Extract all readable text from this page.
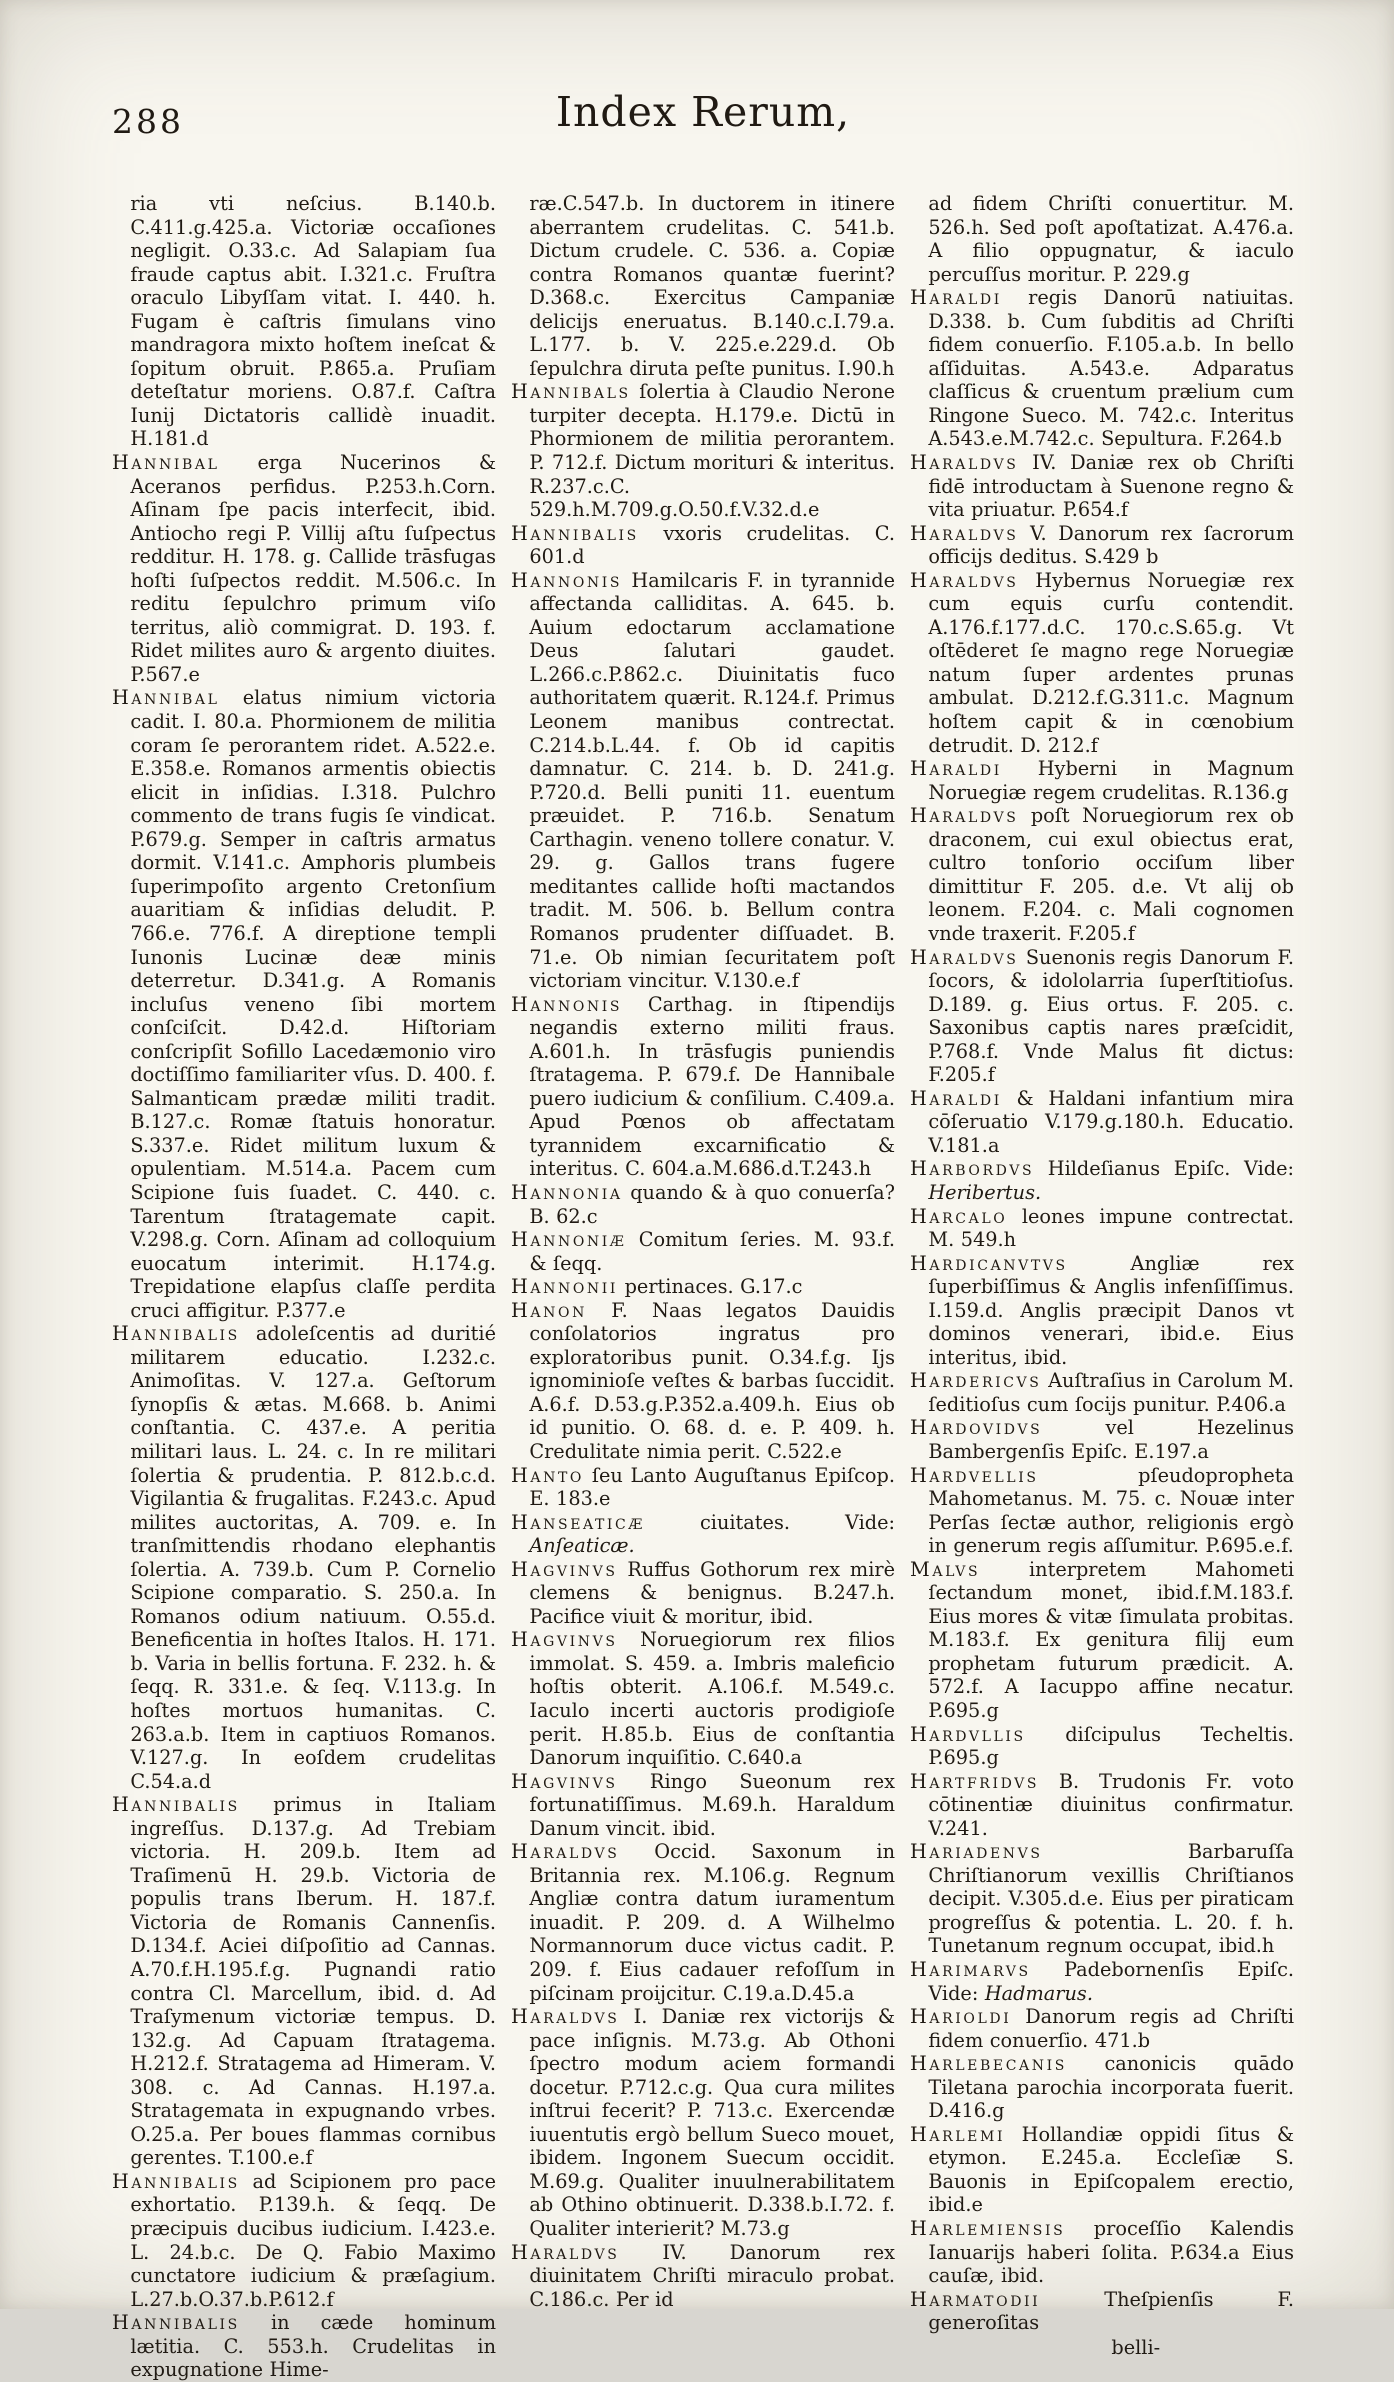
288	Index Rerum,

ria vti neſcius. B.140.b. C.411.g.425.a. Victoriæ occaſiones negligit. O.33.c. Ad Salapiam ſua fraude captus abit. I.321.c. Fruſtra oraculo Libyſſam vitat. I. 440. h. Fugam è caſtris ſimulans vino mandragora mixto hoſtem ineſcat & ſopitum obruit. P.865.a. Pruſiam deteſtatur moriens. O.87.f. Caſtra Iunij Dictatoris callidè inuadit. H.181.d

Hannibal erga Nucerinos & Aceranos perfidus. P.253.h.Corn. Aſinam ſpe pacis interfecit, ibid. Antiocho regi P. Villij aſtu ſuſpectus redditur. H. 178. g. Callide trāsfugas hoſti ſuſpectos reddit. M.506.c. In reditu ſepulchro primum viſo territus, aliò commigrat. D. 193. f. Ridet milites auro & argento diuites. P.567.e

Hannibal elatus nimium victoria cadit. I. 80.a. Phormionem de militia coram ſe perorantem ridet. A.522.e. E.358.e. Romanos armentis obiectis elicit in inſidias. I.318. Pulchro commento de trans fugis ſe vindicat. P.679.g. Semper in caſtris armatus dormit. V.141.c. Amphoris plumbeis ſuperimpoſito argento Cretonſium auaritiam & inſidias deludit. P. 766.e. 776.f. A direptione templi Iunonis Lucinæ deæ minis deterretur. D.341.g. A Romanis incluſus veneno ſibi mortem conſciſcit. D.42.d. Hiſtoriam conſcripſit Sofillo Lacedæmonio viro doctiſſimo familiariter vſus. D. 400. f. Salmanticam prædæ militi tradit. B.127.c. Romæ ſtatuis honoratur. S.337.e. Ridet militum luxum & opulentiam. M.514.a. Pacem cum Scipione ſuis ſuadet. C. 440. c. Tarentum ſtratagemate capit. V.298.g. Corn. Aſinam ad colloquium euocatum interimit. H.174.g. Trepidatione elapſus claſſe perdita cruci affigitur. P.377.e

Hannibalis adoleſcentis ad duritié militarem educatio. I.232.c. Animoſitas. V. 127.a. Geſtorum ſynopſis & ætas. M.668. b. Animi conſtantia. C. 437.e. A peritia militari laus. L. 24. c. In re militari ſolertia & prudentia. P. 812.b.c.d. Vigilantia & frugalitas. F.243.c. Apud milites auctoritas, A. 709. e. In tranſmittendis rhodano elephantis ſolertia. A. 739.b. Cum P. Cornelio Scipione comparatio. S. 250.a. In Romanos odium natiuum. O.55.d. Beneficentia in hoſtes Italos. H. 171. b. Varia in bellis fortuna. F. 232. h. & ſeqq. R. 331.e. & ſeq. V.113.g. In hoſtes mortuos humanitas. C. 263.a.b. Item in captiuos Romanos. V.127.g. In eoſdem crudelitas C.54.a.d

Hannibalis primus in Italiam ingreſſus. D.137.g. Ad Trebiam victoria. H. 209.b. Item ad Traſimenū H. 29.b. Victoria de populis trans Iberum. H. 187.f. Victoria de Romanis Cannenſis. D.134.f. Aciei diſpoſitio ad Cannas. A.70.f.H.195.f.g. Pugnandi ratio contra Cl. Marcellum, ibid. d. Ad Traſymenum victoriæ tempus. D. 132.g. Ad Capuam ſtratagema. H.212.f. Stratagema ad Himeram. V. 308. c. Ad Cannas. H.197.a. Stratagemata in expugnando vrbes. O.25.a. Per boues flammas cornibus gerentes. T.100.e.f

Hannibalis ad Scipionem pro pace exhortatio. P.139.h. & ſeqq. De præcipuis ducibus iudicium. I.423.e. L. 24.b.c. De Q. Fabio Maximo cunctatore iudicium & præſagium. L.27.b.O.37.b.P.612.f

Hannibalis in cæde hominum lætitia. C. 553.h. Crudelitas in expugnatione Hime-

ræ.C.547.b. In ductorem in itinere aberrantem crudelitas. C. 541.b. Dictum crudele. C. 536. a. Copiæ contra Romanos quantæ fuerint? D.368.c. Exercitus Campaniæ delicijs eneruatus. B.140.c.I.79.a. L.177. b. V. 225.e.229.d. Ob ſepulchra diruta peſte punitus. I.90.h

Hannibals ſolertia à Claudio Nerone turpiter decepta. H.179.e. Dictū in Phormionem de militia perorantem. P. 712.f. Dictum morituri & interitus. R.237.c.C. 529.h.M.709.g.O.50.f.V.32.d.e

Hannibalis vxoris crudelitas. C. 601.d

Hannonis Hamilcaris F. in tyrannide affectanda calliditas. A. 645. b. Auium edoctarum acclamatione Deus ſalutari gaudet. L.266.c.P.862.c. Diuinitatis fuco authoritatem quærit. R.124.f. Primus Leonem manibus contrectat. C.214.b.L.44. f. Ob id capitis damnatur. C. 214. b. D. 241.g. P.720.d. Belli puniti 11. euentum præuidet. P. 716.b. Senatum Carthagin. veneno tollere conatur. V. 29. g. Gallos trans fugere meditantes callide hoſti mactandos tradit. M. 506. b. Bellum contra Romanos prudenter diſſuadet. B. 71.e. Ob nimian ſecuritatem poſt victoriam vincitur. V.130.e.f

Hannonis Carthag. in ſtipendijs negandis externo militi fraus. A.601.h. In trāsfugis puniendis ſtratagema. P. 679.f. De Hannibale puero iudicium & conſilium. C.409.a. Apud Pœnos ob affectatam tyrannidem excarnificatio & interitus. C. 604.a.M.686.d.T.243.h

Hannonia quando & à quo conuerſa? B. 62.c

Hannoniæ Comitum ſeries. M. 93.f. & ſeqq.

Hannonii pertinaces. G.17.c

Hanon F. Naas legatos Dauidis conſolatorios ingratus pro exploratoribus punit. O.34.f.g. Ijs ignominioſe veſtes & barbas ſuccidit. A.6.f. D.53.g.P.352.a.409.h. Eius ob id punitio. O. 68. d. e. P. 409. h. Credulitate nimia perit. C.522.e

Hanto ſeu Lanto Auguſtanus Epiſcop. E. 183.e

Hanseaticæ	ciuitates. Vide: Anſeaticæ.

Hagvinvs Ruffus Gothorum rex mirè clemens & benignus. B.247.h. Pacifice viuit & moritur, ibid.

Hagvinvs Noruegiorum rex filios immolat. S. 459. a. Imbris maleficio hoſtis obterit. A.106.f. M.549.c. Iaculo incerti auctoris prodigioſe perit. H.85.b. Eius de conſtantia Danorum inquiſitio. C.640.a

Hagvinvs Ringo Sueonum rex fortunatiſſimus. M.69.h. Haraldum Danum vincit. ibid.

Haraldvs Occid. Saxonum in Britannia rex. M.106.g. Regnum Angliæ contra datum iuramentum inuadit. P. 209. d. A Wilhelmo Normannorum duce victus cadit. P. 209. f. Eius cadauer refoſſum in piſcinam proijcitur. C.19.a.D.45.a

Haraldvs I. Daniæ rex victorijs & pace inſignis. M.73.g. Ab Othoni ſpectro modum aciem formandi docetur. P.712.c.g. Qua cura milites inſtrui fecerit? P. 713.c. Exercendæ iuuentutis ergò bellum Sueco mouet, ibidem. Ingonem Suecum occidit. M.69.g. Qualiter inuulnerabilitatem ab Othino obtinuerit. D.338.b.I.72. f. Qualiter interierit? M.73.g

Haraldvs IV. Danorum rex diuinitatem Chriſti miraculo probat. C.186.c. Per id

ad fidem Chriſti conuertitur. M. 526.h. Sed poſt apoſtatizat. A.476.a. A filio oppugnatur, & iaculo percuſſus moritur. P. 229.g

Haraldi regis Danorū natiuitas. D.338. b. Cum ſubditis ad Chriſti fidem conuerſio. F.105.a.b. In bello aſſiduitas. A.543.e. Adparatus claſſicus & cruentum prælium cum Ringone Sueco. M. 742.c. Interitus A.543.e.M.742.c. Sepultura. F.264.b

Haraldvs IV. Daniæ rex ob Chriſti fidē introductam à Suenone regno & vita priuatur. P.654.f

Haraldvs V. Danorum rex ſacrorum officijs deditus. S.429 b

Haraldvs Hybernus Noruegiæ rex cum equis curſu contendit. A.176.f.177.d.C. 170.c.S.65.g. Vt oſtēderet ſe magno rege Noruegiæ natum ſuper ardentes prunas ambulat. D.212.f.G.311.c. Magnum hoſtem capit & in cœnobium detrudit. D. 212.f

Haraldi Hyberni in Magnum Noruegiæ regem crudelitas. R.136.g

Haraldvs poſt Noruegiorum rex ob draconem, cui exul obiectus erat, cultro tonſorio occiſum liber dimittitur F. 205. d.e. Vt alij ob leonem. F.204. c. Mali cognomen vnde traxerit. F.205.f

Haraldvs Suenonis regis Danorum F. ſocors, & idololarria ſuperſtitioſus. D.189. g. Eius ortus. F. 205. c. Saxonibus captis nares præſcidit, P.768.f. Vnde Malus fit dictus: F.205.f

Haraldi & Haldani infantium mira cōſeruatio V.179.g.180.h. Educatio. V.181.a

Harbordvs Hildeſianus Epiſc. Vide: Heribertus.

Harcalo leones impune contrectat. M. 549.h

Hardicanvtvs	Angliæ rex ſuperbiſſimus & Anglis infenſiſſimus. I.159.d. Anglis præcipit Danos vt dominos venerari, ibid.e. Eius interitus, ibid.

Hardericvs Auſtraſius in Carolum M. ſeditioſus cum ſocijs punitur. P.406.a

Hardovidvs	vel Hezelinus Bambergenſis Epiſc. E.197.a

Hardvellis	pſeudopropheta Mahometanus. M. 75. c. Nouæ inter Perſas ſectæ author, religionis ergò in generum regis aſſumitur. P.695.e.f.

Malvs	interpretem Mahometi ſectandum monet, ibid.f.M.183.f. Eius mores & vitæ ſimulata probitas. M.183.f. Ex genitura filij eum prophetam futurum prædicit. A. 572.f. A Iacuppo affine necatur. P.695.g

Hardvllis diſcipulus Techeltis. P.695.g

Hartfridvs B. Trudonis Fr. voto cōtinentiæ diuinitus confirmatur. V.241.

Hariadenvs	Barbaruſſa Chriſtianorum vexillis Chriſtianos decipit. V.305.d.e. Eius per piraticam progreſſus & potentia. L. 20. f. h. Tunetanum regnum occupat, ibid.h

Harimarvs Padebornenſis Epiſc. Vide: Hadmarus.

Harioldi Danorum regis ad Chriſti fidem conuerſio. 471.b

Harlebecanis canonicis quādo Tiletana parochia incorporata fuerit. D.416.g

Harlemi Hollandiæ oppidi ſitus & etymon. E.245.a. Eccleſiæ S. Bauonis in Epiſcopalem erectio, ibid.e

Harlemiensis proceſſio Kalendis Ianuarijs haberi ſolita. P.634.a Eius cauſæ, ibid.

Harmatodii	Theſpienſis F. generoſitas

belli-
